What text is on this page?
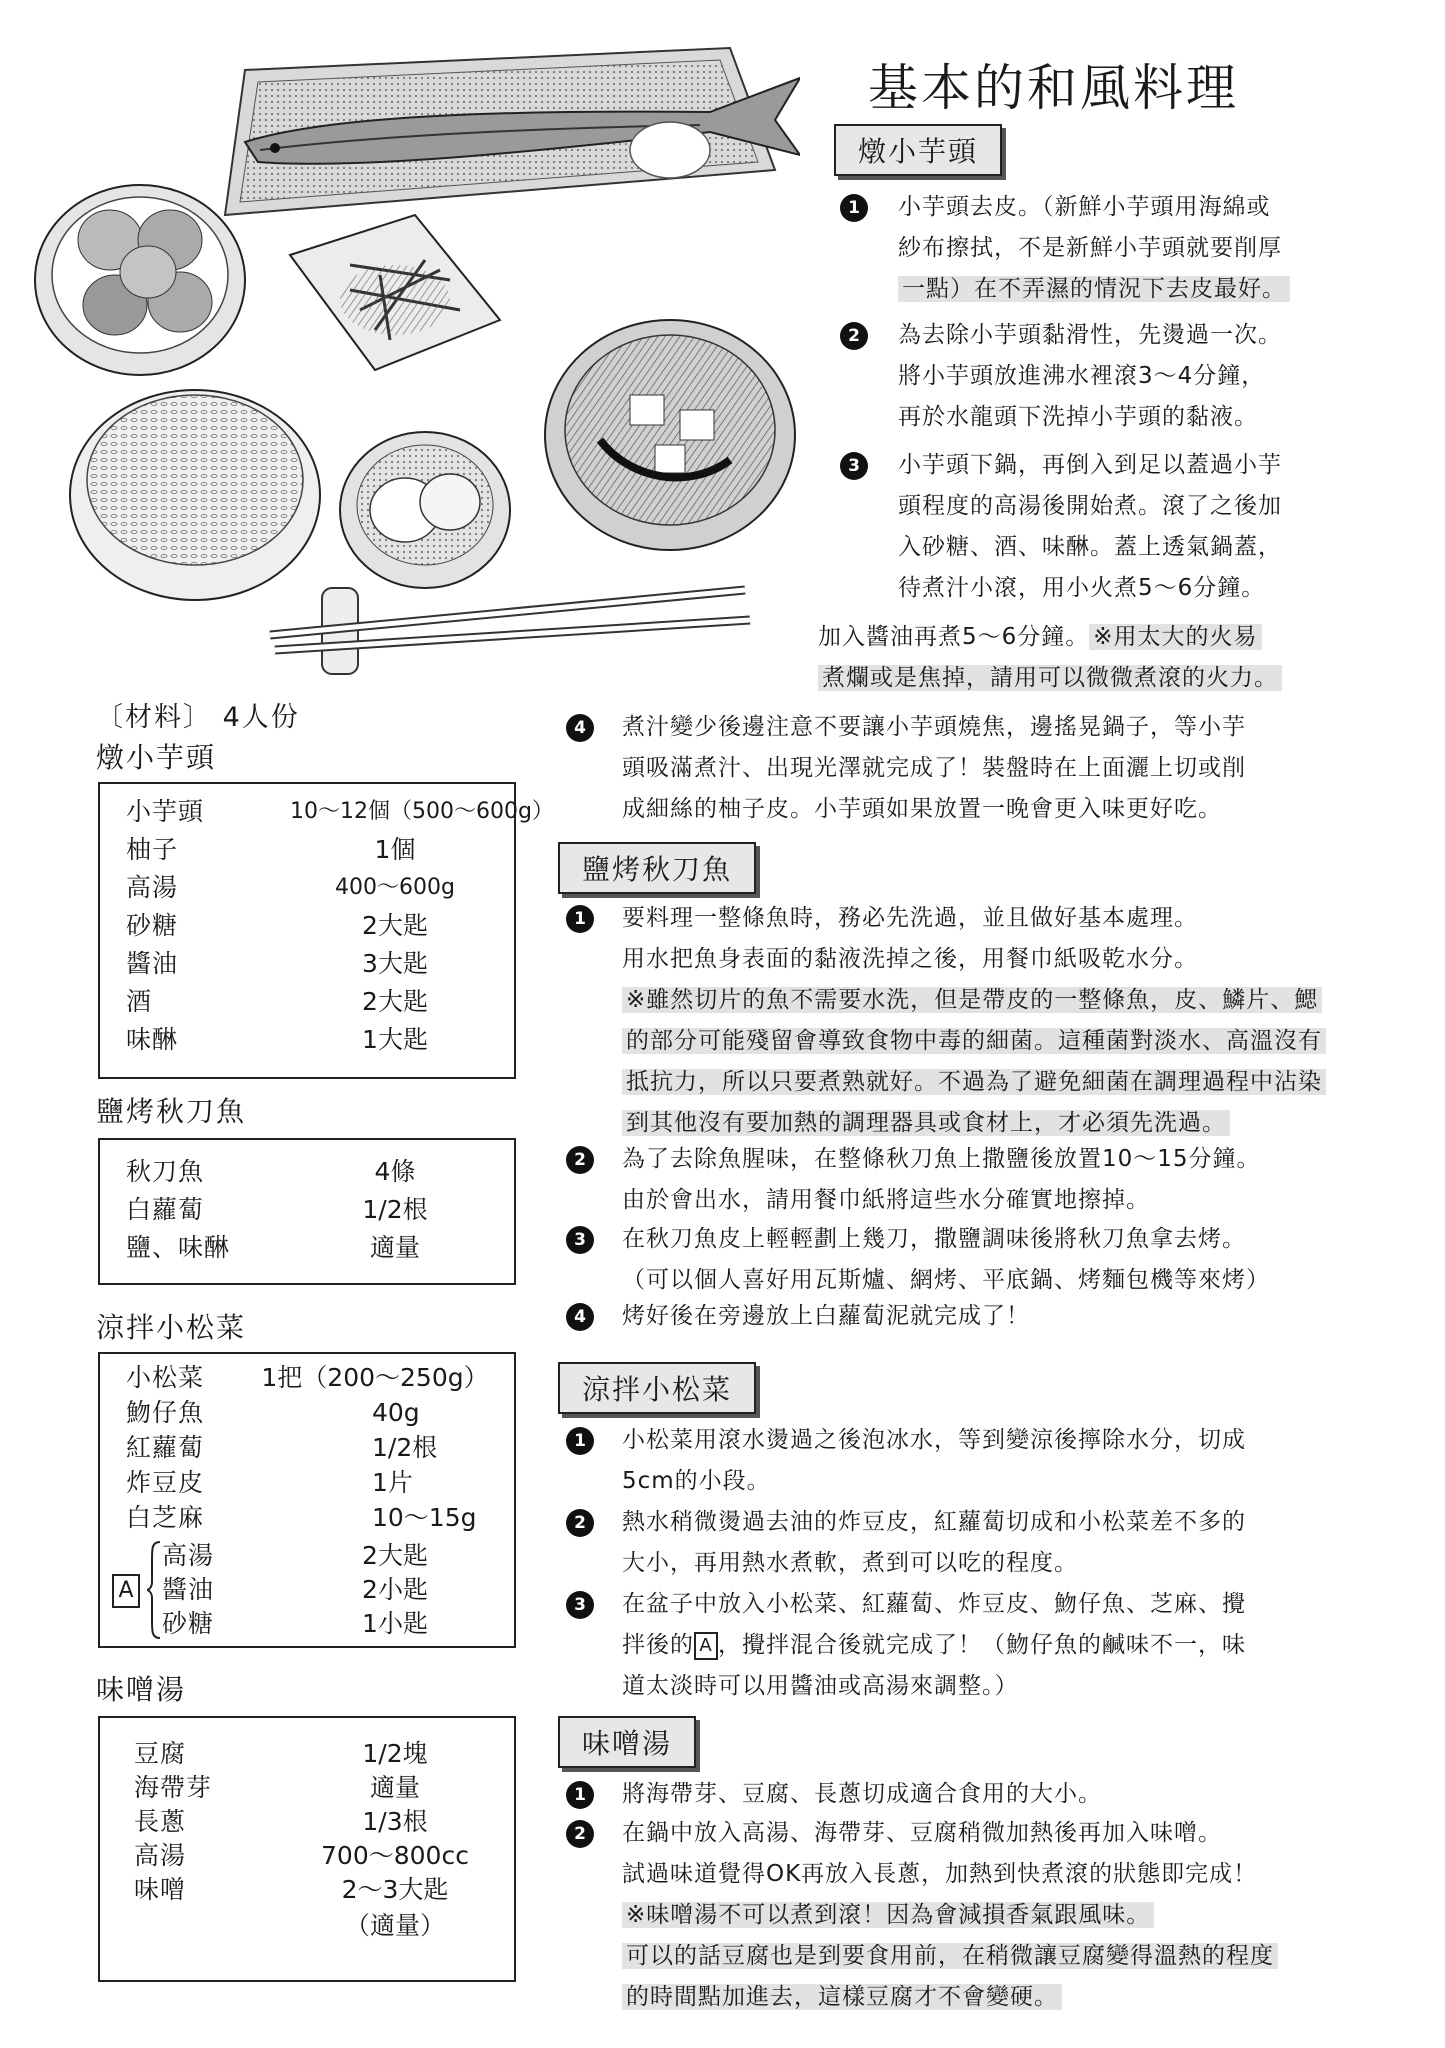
基本的和風料理
燉小芋頭
1	小芋頭去皮。（新鮮小芋頭用海綿或
紗布擦拭，不是新鮮小芋頭就要削厚
一點）在不弄濕的情況下去皮最好。
2	為去除小芋頭黏滑性，先燙過一次。
將小芋頭放進沸水裡滾3〜4分鐘，
再於水龍頭下洗掉小芋頭的黏液。
3	小芋頭下鍋，再倒入到足以蓋過小芋
頭程度的高湯後開始煮。滾了之後加
入砂糖、酒、味醂。蓋上透氣鍋蓋，
待煮汁小滾，用小火煮5〜6分鐘。
加入醬油再煮5〜6分鐘。 ※用太大的火易
煮爛或是焦掉，請用可以微微煮滾的火力。
4	煮汁變少後邊注意不要讓小芋頭燒焦，邊搖晃鍋子，等小芋
頭吸滿煮汁、出現光澤就完成了！裝盤時在上面灑上切或削
成細絲的柚子皮。小芋頭如果放置一晚會更入味更好吃。
鹽烤秋刀魚
1	要料理一整條魚時，務必先洗過，並且做好基本處理。
用水把魚身表面的黏液洗掉之後，用餐巾紙吸乾水分。
※雖然切片的魚不需要水洗，但是帶皮的一整條魚，皮、鱗片、鰓
的部分可能殘留會導致食物中毒的細菌。這種菌對淡水、高溫沒有
抵抗力，所以只要煮熟就好。不過為了避免細菌在調理過程中沾染
到其他沒有要加熱的調理器具或食材上，才必須先洗過。
2	為了去除魚腥味，在整條秋刀魚上撒鹽後放置10〜15分鐘。
由於會出水，請用餐巾紙將這些水分確實地擦掉。
3	在秋刀魚皮上輕輕劃上幾刀，撒鹽調味後將秋刀魚拿去烤。
（可以個人喜好用瓦斯爐、網烤、平底鍋、烤麵包機等來烤）
4	烤好後在旁邊放上白蘿蔔泥就完成了！
涼拌小松菜
1	小松菜用滾水燙過之後泡冰水，等到變涼後擰除水分，切成
5cm的小段。
2	熱水稍微燙過去油的炸豆皮，紅蘿蔔切成和小松菜差不多的
大小，再用熱水煮軟，煮到可以吃的程度。
3	在盆子中放入小松菜、紅蘿蔔、炸豆皮、魩仔魚、芝麻、攪
拌後的 A ，攪拌混合後就完成了！（魩仔魚的鹹味不一，味
道太淡時可以用醬油或高湯來調整。）
味噌湯
1	將海帶芽、豆腐、長蔥切成適合食用的大小。
2	在鍋中放入高湯、海帶芽、豆腐稍微加熱後再加入味噌。
試過味道覺得OK再放入長蔥，加熱到快煮滾的狀態即完成！
※味噌湯不可以煮到滾！因為會減損香氣跟風味。
可以的話豆腐也是到要食用前，在稍微讓豆腐變得溫熱的程度
的時間點加進去，這樣豆腐才不會變硬。
〔材料〕 4人份
燉小芋頭
小芋頭	10〜12個（500〜600g）
柚子	1個
高湯	400〜600g
砂糖	2大匙
醬油	3大匙
酒	2大匙
味醂	1大匙
鹽烤秋刀魚
秋刀魚	4條
白蘿蔔	1/2根
鹽、味醂	適量
涼拌小松菜
小松菜	1把（200〜250g）
魩仔魚	40g
紅蘿蔔	1/2根
炸豆皮	1片
白芝麻	10〜15g
A
高湯	2大匙
醬油	2小匙
砂糖	1小匙
味噌湯
豆腐	1/2塊
海帶芽	適量
長蔥	1/3根
高湯	700〜800cc
味噌	2〜3大匙
（適量）
